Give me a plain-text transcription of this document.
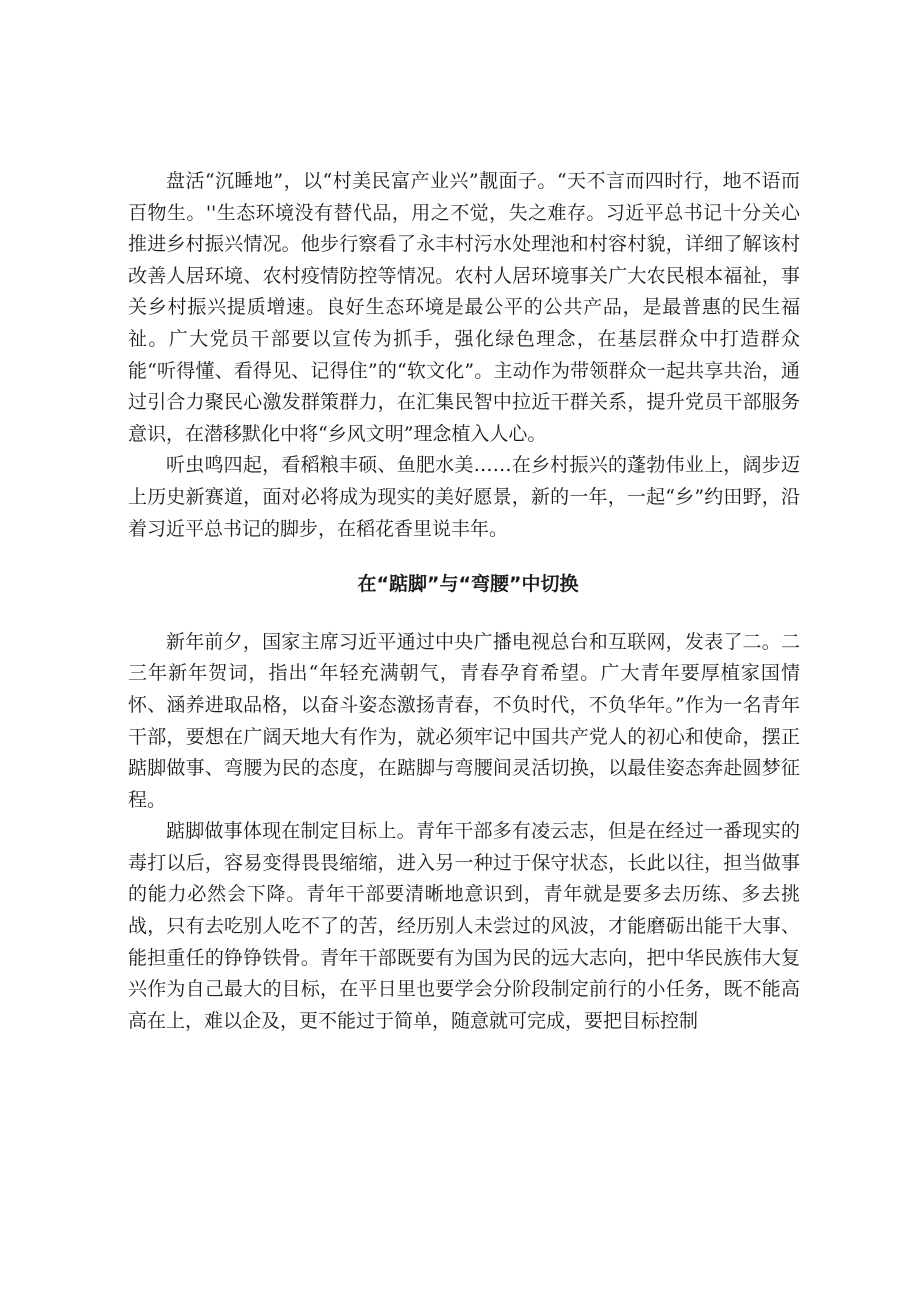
盘活“沉睡地”，以“村美民富产业兴”靓面子。“天不言而四时行，地不语而百物生。''生态环境没有替代品，用之不觉，失之难存。习近平总书记十分关心推进乡村振兴情况。他步行察看了永丰村污水处理池和村容村貌，详细了解该村改善人居环境、农村疫情防控等情况。农村人居环境事关广大农民根本福祉，事关乡村振兴提质增速。良好生态环境是最公平的公共产品，是最普惠的民生福祉。广大党员干部要以宣传为抓手，强化绿色理念，在基层群众中打造群众能“听得懂、看得见、记得住”的“软文化”。主动作为带领群众一起共享共治，通过引合力聚民心激发群策群力，在汇集民智中拉近干群关系，提升党员干部服务意识，在潜移默化中将“乡风文明”理念植入人心。

听虫鸣四起，看稻粮丰硕、鱼肥水美……在乡村振兴的蓬勃伟业上，阔步迈上历史新赛道，面对必将成为现实的美好愿景，新的一年，一起“乡”约田野，沿着习近平总书记的脚步，在稻花香里说丰年。

在“踮脚”与“弯腰”中切换

新年前夕，国家主席习近平通过中央广播电视总台和互联网，发表了二。二三年新年贺词，指出“年轻充满朝气，青春孕育希望。广大青年要厚植家国情怀、涵养进取品格，以奋斗姿态激扬青春，不负时代，不负华年。”作为一名青年干部，要想在广阔天地大有作为，就必须牢记中国共产党人的初心和使命，摆正踮脚做事、弯腰为民的态度，在踮脚与弯腰间灵活切换，以最佳姿态奔赴圆梦征程。

踮脚做事体现在制定目标上。青年干部多有凌云志，但是在经过一番现实的毒打以后，容易变得畏畏缩缩，进入另一种过于保守状态，长此以往，担当做事的能力必然会下降。青年干部要清晰地意识到，青年就是要多去历练、多去挑战，只有去吃别人吃不了的苦，经历别人未尝过的风波，才能磨砺出能干大事、能担重任的铮铮铁骨。青年干部既要有为国为民的远大志向，把中华民族伟大复兴作为自己最大的目标，在平日里也要学会分阶段制定前行的小任务，既不能高高在上，难以企及，更不能过于简单，随意就可完成，要把目标控制
